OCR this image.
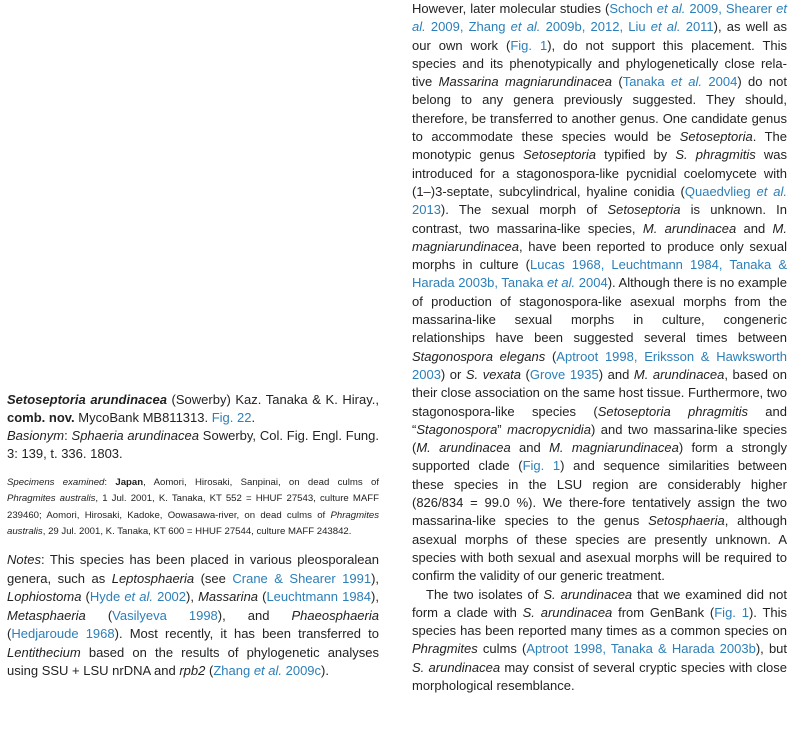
Setoseptoria arundinacea (Sowerby) Kaz. Tanaka & K. Hiray., comb. nov. MycoBank MB811313. Fig. 22.

Basionym: Sphaeria arundinacea Sowerby, Col. Fig. Engl. Fung. 3: 139, t. 336. 1803.

Specimens examined: Japan, Aomori, Hirosaki, Sanpinai, on dead culms of Phragmites australis, 1 Jul. 2001, K. Tanaka, KT 552 = HHUF 27543, culture MAFF 239460; Aomori, Hirosaki, Kadoke, Oowasawa-river, on dead culms of Phragmites australis, 29 Jul. 2001, K. Tanaka, KT 600 = HHUF 27544, culture MAFF 243842.

Notes: This species has been placed in various pleosporalean genera, such as Leptosphaeria (see Crane & Shearer 1991), Lophiostoma (Hyde et al. 2002), Massarina (Leuchtmann 1984), Metasphaeria (Vasilyeva 1998), and Phaeosphaeria (Hedjaroude 1968). Most recently, it has been transferred to Lentithecium based on the results of phylogenetic analyses using SSU + LSU nrDNA and rpb2 (Zhang et al. 2009c).

However, later molecular studies (Schoch et al. 2009, Shearer et al. 2009, Zhang et al. 2009b, 2012, Liu et al. 2011), as well as our own work (Fig. 1), do not support this placement. This species and its phenotypically and phylogenetically close rela-tive Massarina magniarundinacea (Tanaka et al. 2004) do not belong to any genera previously suggested. They should, therefore, be transferred to another genus. One candidate genus to accommodate these species would be Setoseptoria. The monotypic genus Setoseptoria typified by S. phragmitis was introduced for a stagonospora-like pycnidial coelomycete with (1–)3-septate, subcylindrical, hyaline conidia (Quaedvlieg et al. 2013). The sexual morph of Setoseptoria is unknown. In contrast, two massarina-like species, M. arundinacea and M. magniarundinacea, have been reported to produce only sexual morphs in culture (Lucas 1968, Leuchtmann 1984, Tanaka & Harada 2003b, Tanaka et al. 2004). Although there is no example of production of stagonospora-like asexual morphs from the massarina-like sexual morphs in culture, congeneric relationships have been suggested several times between Stagonospora elegans (Aptroot 1998, Eriksson & Hawksworth 2003) or S. vexata (Grove 1935) and M. arundinacea, based on their close association on the same host tissue. Furthermore, two stagonospora-like species (Setoseptoria phragmitis and “Stagonospora” macropycnidia) and two massarina-like species (M. arundinacea and M. magniarundinacea) form a strongly supported clade (Fig. 1) and sequence similarities between these species in the LSU region are considerably higher (826/834 = 99.0 %). We there-fore tentatively assign the two massarina-like species to the genus Setosphaeria, although asexual morphs of these species are presently unknown. A species with both sexual and asexual morphs will be required to confirm the validity of our generic treatment.

The two isolates of S. arundinacea that we examined did not form a clade with S. arundinacea from GenBank (Fig. 1). This species has been reported many times as a common species on Phragmites culms (Aptroot 1998, Tanaka & Harada 2003b), but S. arundinacea may consist of several cryptic species with close morphological resemblance.
